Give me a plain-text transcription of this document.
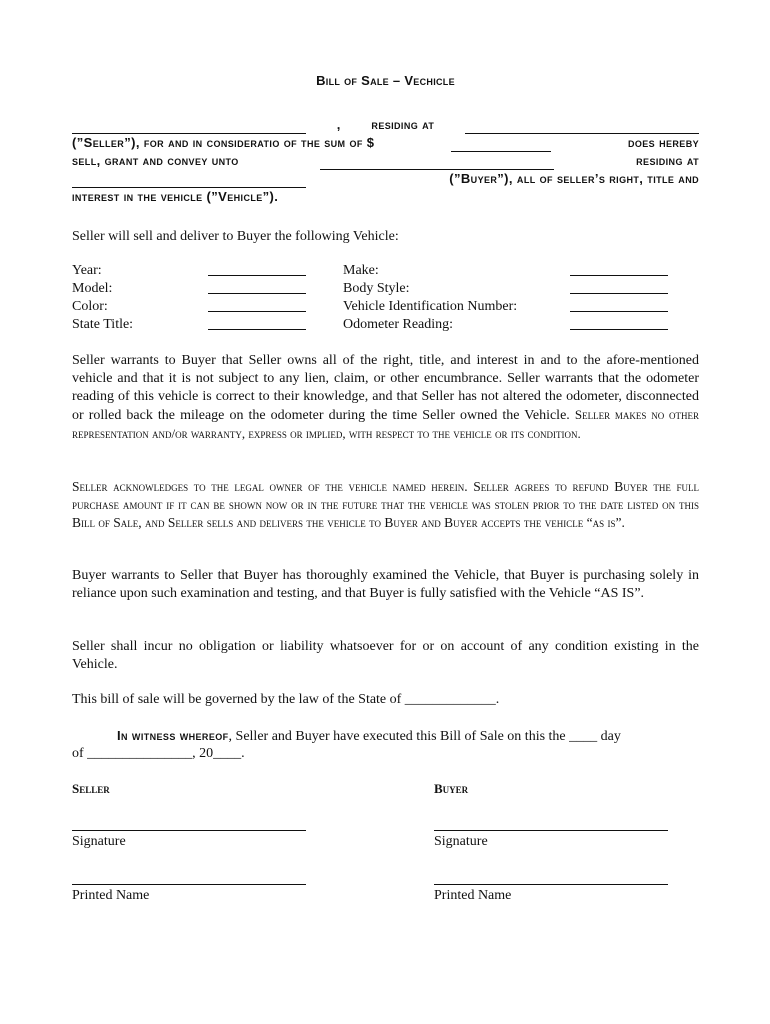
Bill of Sale – Vechicle
, residing at
(”Seller”), for and in consideratio of the sum of $	does hereby
sell, grant and convey unto	residing at
(”Buyer”), all of seller’s right, title and
interest in the vehicle (”Vehicle”).

Seller will sell and deliver to Buyer the following Vehicle:

Year:	Make:
Model:	Body Style:
Color:	Vehicle Identification Number:
State Title:	Odometer Reading:

Seller warrants to Buyer that Seller owns all of the right, title, and interest in and to the afore-mentioned vehicle and that it is not subject to any lien, claim, or other encumbrance. Seller warrants that the odometer reading of this vehicle is correct to their knowledge, and that Seller has not altered the odometer, disconnected or rolled back the mileage on the odometer during the time Seller owned the Vehicle. Seller makes no other representation and/or warranty, express or implied, with respect to the vehicle or its condition.

Seller acknowledges to the legal owner of the vehicle named herein. Seller agrees to refund Buyer the full purchase amount if it can be shown now or in the future that the vehicle was stolen prior to the date listed on this Bill of Sale, and Seller sells and delivers the vehicle to Buyer and Buyer accepts the vehicle “as is”.

Buyer warrants to Seller that Buyer has thoroughly examined the Vehicle, that Buyer is purchasing solely in reliance upon such examination and testing, and that Buyer is fully satisfied with the Vehicle “AS IS”.

Seller shall incur no obligation or liability whatsoever for or on account of any condition existing in the Vehicle.

This bill of sale will be governed by the law of the State of _____________.

In witness whereof, Seller and Buyer have executed this Bill of Sale on this the ____ day

of _______________, 20____.

Seller	Buyer
Signature	Signature
Printed Name	Printed Name
